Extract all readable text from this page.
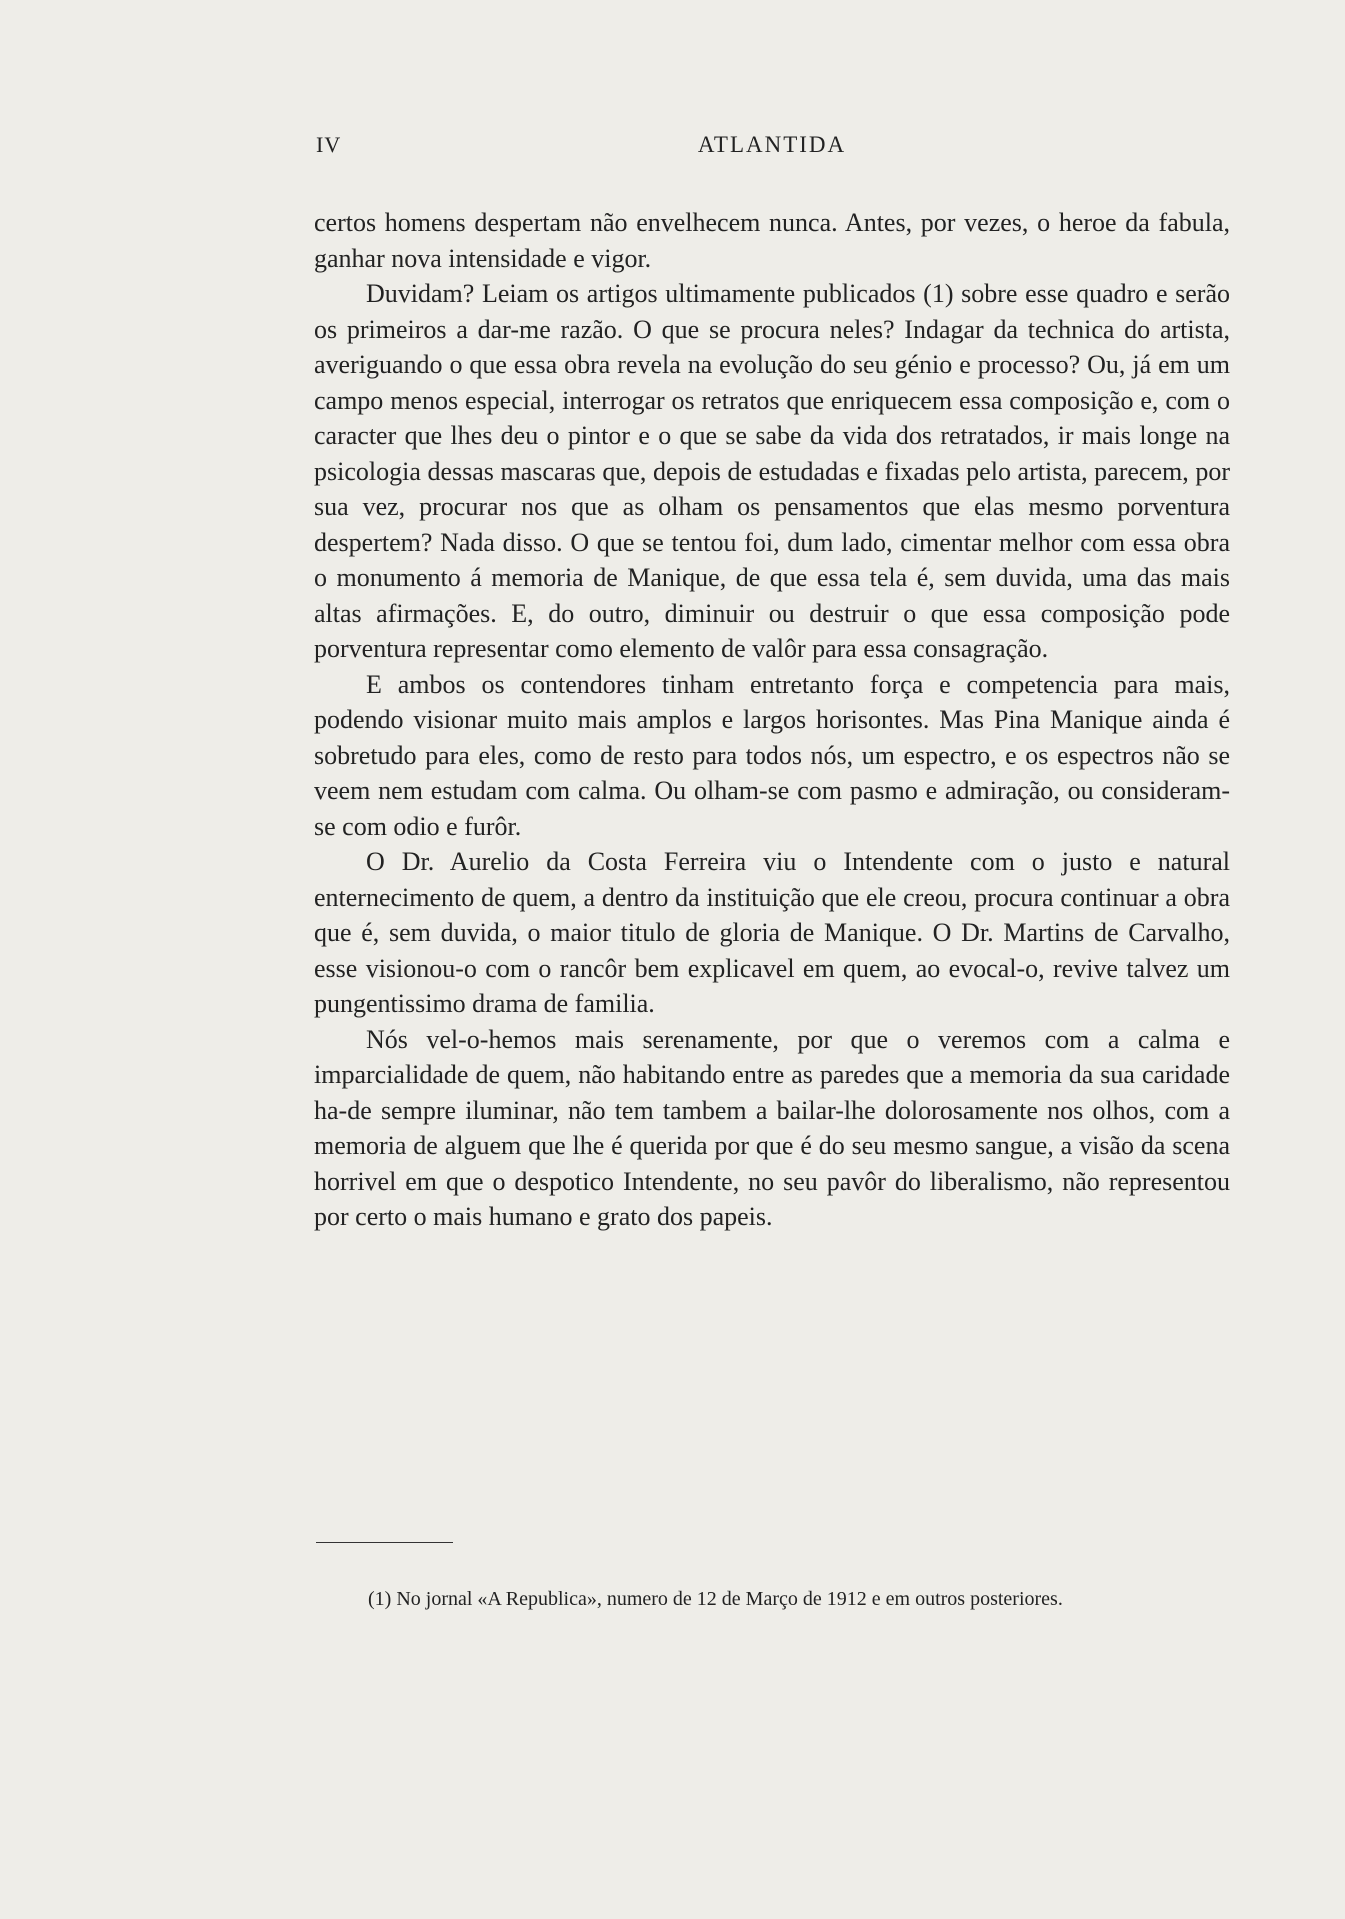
IV	ATLANTIDA

certos homens despertam não envelhecem nunca. Antes, por vezes, o heroe da fabula, ganhar nova intensidade e vigor.

Duvidam? Leiam os artigos ultimamente publicados (1) sobre esse quadro e serão os primeiros a dar-me razão. O que se procura neles? Indagar da technica do artista, averiguando o que essa obra revela na evolução do seu génio e processo? Ou, já em um campo menos especial, interrogar os retratos que enriquecem essa composição e, com o caracter que lhes deu o pintor e o que se sabe da vida dos retratados, ir mais longe na psicologia dessas mascaras que, depois de estudadas e fixadas pelo artista, parecem, por sua vez, procurar nos que as olham os pensamentos que elas mesmo porventura despertem? Nada disso. O que se tentou foi, dum lado, cimentar melhor com essa obra o monumento á memoria de Manique, de que essa tela é, sem duvida, uma das mais altas afirmações. E, do outro, diminuir ou destruir o que essa composição pode porventura representar como elemento de valôr para essa consagração.

E ambos os contendores tinham entretanto força e competencia para mais, podendo visionar muito mais amplos e largos horisontes. Mas Pina Manique ainda é sobretudo para eles, como de resto para todos nós, um espectro, e os espectros não se veem nem estudam com calma. Ou olham-se com pasmo e admiração, ou consideram-se com odio e furôr.

O Dr. Aurelio da Costa Ferreira viu o Intendente com o justo e natural enternecimento de quem, a dentro da instituição que ele creou, procura continuar a obra que é, sem duvida, o maior titulo de gloria de Manique. O Dr. Martins de Carvalho, esse visionou-o com o rancôr bem explicavel em quem, ao evocal-o, revive talvez um pungentissimo drama de familia.

Nós vel-o-hemos mais serenamente, por que o veremos com a calma e imparcialidade de quem, não habitando entre as paredes que a memoria da sua caridade ha-de sempre iluminar, não tem tambem a bailar-lhe dolorosamente nos olhos, com a memoria de alguem que lhe é querida por que é do seu mesmo sangue, a visão da scena horrivel em que o despotico Intendente, no seu pavôr do liberalismo, não representou por certo o mais humano e grato dos papeis.

(1) No jornal «A Republica», numero de 12 de Março de 1912 e em outros posteriores.
